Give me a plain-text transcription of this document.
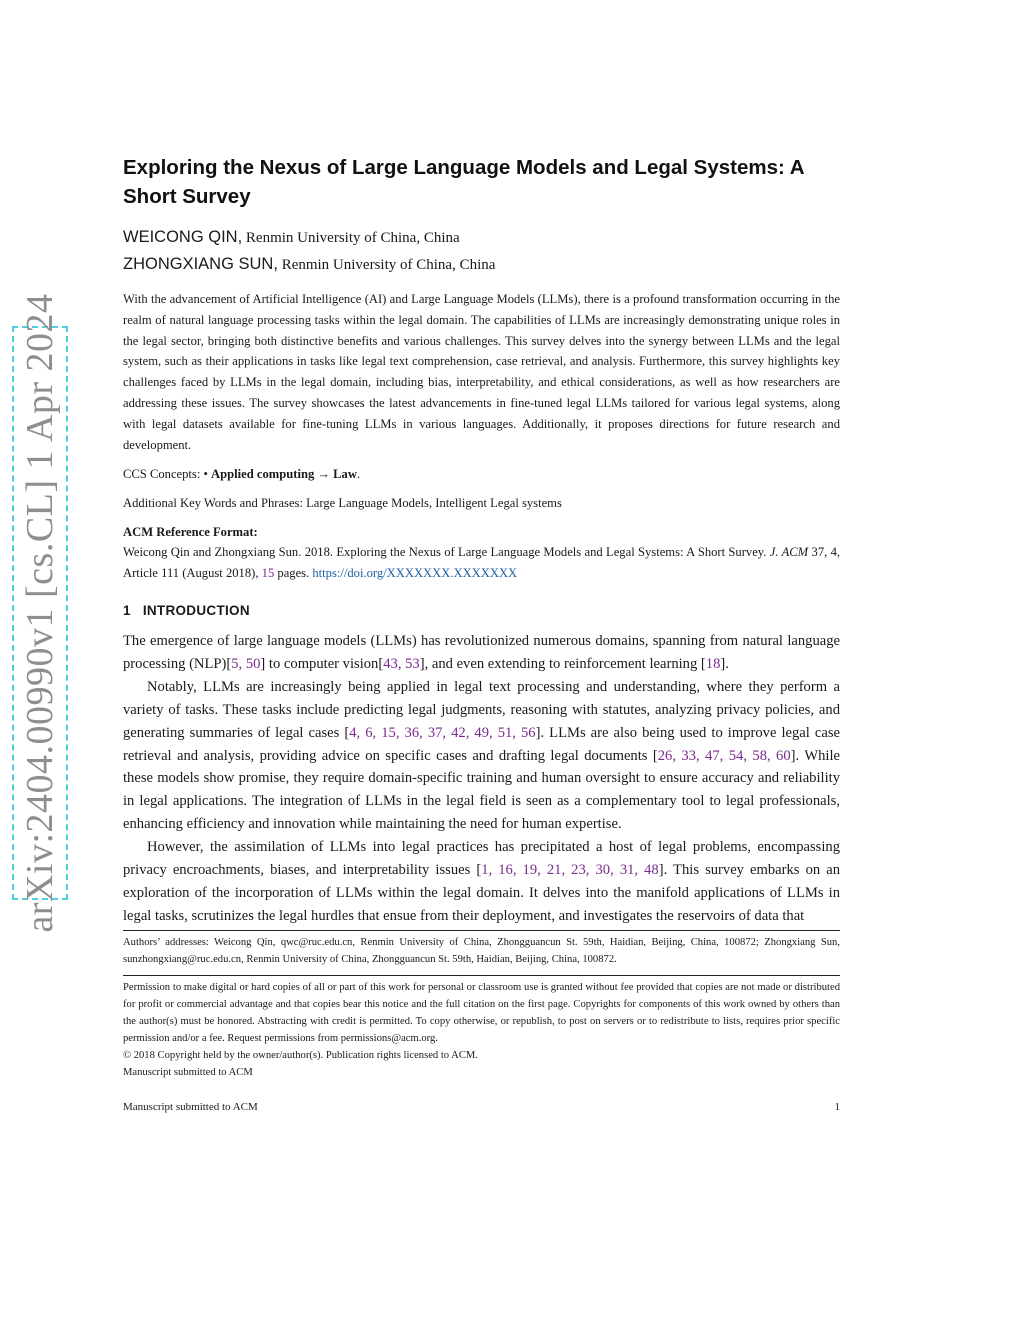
arXiv:2404.00990v1 [cs.CL] 1 Apr 2024
Exploring the Nexus of Large Language Models and Legal Systems: A Short Survey
WEICONG QIN, Renmin University of China, China
ZHONGXIANG SUN, Renmin University of China, China
With the advancement of Artificial Intelligence (AI) and Large Language Models (LLMs), there is a profound transformation occurring in the realm of natural language processing tasks within the legal domain. The capabilities of LLMs are increasingly demonstrating unique roles in the legal sector, bringing both distinctive benefits and various challenges. This survey delves into the synergy between LLMs and the legal system, such as their applications in tasks like legal text comprehension, case retrieval, and analysis. Furthermore, this survey highlights key challenges faced by LLMs in the legal domain, including bias, interpretability, and ethical considerations, as well as how researchers are addressing these issues. The survey showcases the latest advancements in fine-tuned legal LLMs tailored for various legal systems, along with legal datasets available for fine-tuning LLMs in various languages. Additionally, it proposes directions for future research and development.
CCS Concepts: • Applied computing → Law.
Additional Key Words and Phrases: Large Language Models, Intelligent Legal systems
ACM Reference Format:
Weicong Qin and Zhongxiang Sun. 2018. Exploring the Nexus of Large Language Models and Legal Systems: A Short Survey. J. ACM 37, 4, Article 111 (August 2018), 15 pages. https://doi.org/XXXXXXX.XXXXXXX
1 INTRODUCTION

The emergence of large language models (LLMs) has revolutionized numerous domains, spanning from natural language processing (NLP)[5, 50] to computer vision[43, 53], and even extending to reinforcement learning [18].

Notably, LLMs are increasingly being applied in legal text processing and understanding, where they perform a variety of tasks. These tasks include predicting legal judgments, reasoning with statutes, analyzing privacy policies, and generating summaries of legal cases [4, 6, 15, 36, 37, 42, 49, 51, 56]. LLMs are also being used to improve legal case retrieval and analysis, providing advice on specific cases and drafting legal documents [26, 33, 47, 54, 58, 60]. While these models show promise, they require domain-specific training and human oversight to ensure accuracy and reliability in legal applications. The integration of LLMs in the legal field is seen as a complementary tool to legal professionals, enhancing efficiency and innovation while maintaining the need for human expertise.

However, the assimilation of LLMs into legal practices has precipitated a host of legal problems, encompassing privacy encroachments, biases, and interpretability issues [1, 16, 19, 21, 23, 30, 31, 48]. This survey embarks on an exploration of the incorporation of LLMs within the legal domain. It delves into the manifold applications of LLMs in legal tasks, scrutinizes the legal hurdles that ensue from their deployment, and investigates the reservoirs of data that

Authors’ addresses: Weicong Qin, qwc@ruc.edu.cn, Renmin University of China, Zhongguancun St. 59th, Haidian, Beijing, China, 100872; Zhongxiang Sun, sunzhongxiang@ruc.edu.cn, Renmin University of China, Zhongguancun St. 59th, Haidian, Beijing, China, 100872.
Permission to make digital or hard copies of all or part of this work for personal or classroom use is granted without fee provided that copies are not made or distributed for profit or commercial advantage and that copies bear this notice and the full citation on the first page. Copyrights for components of this work owned by others than the author(s) must be honored. Abstracting with credit is permitted. To copy otherwise, or republish, to post on servers or to redistribute to lists, requires prior specific permission and/or a fee. Request permissions from permissions@acm.org.
© 2018 Copyright held by the owner/author(s). Publication rights licensed to ACM.
Manuscript submitted to ACM
Manuscript submitted to ACM	1
